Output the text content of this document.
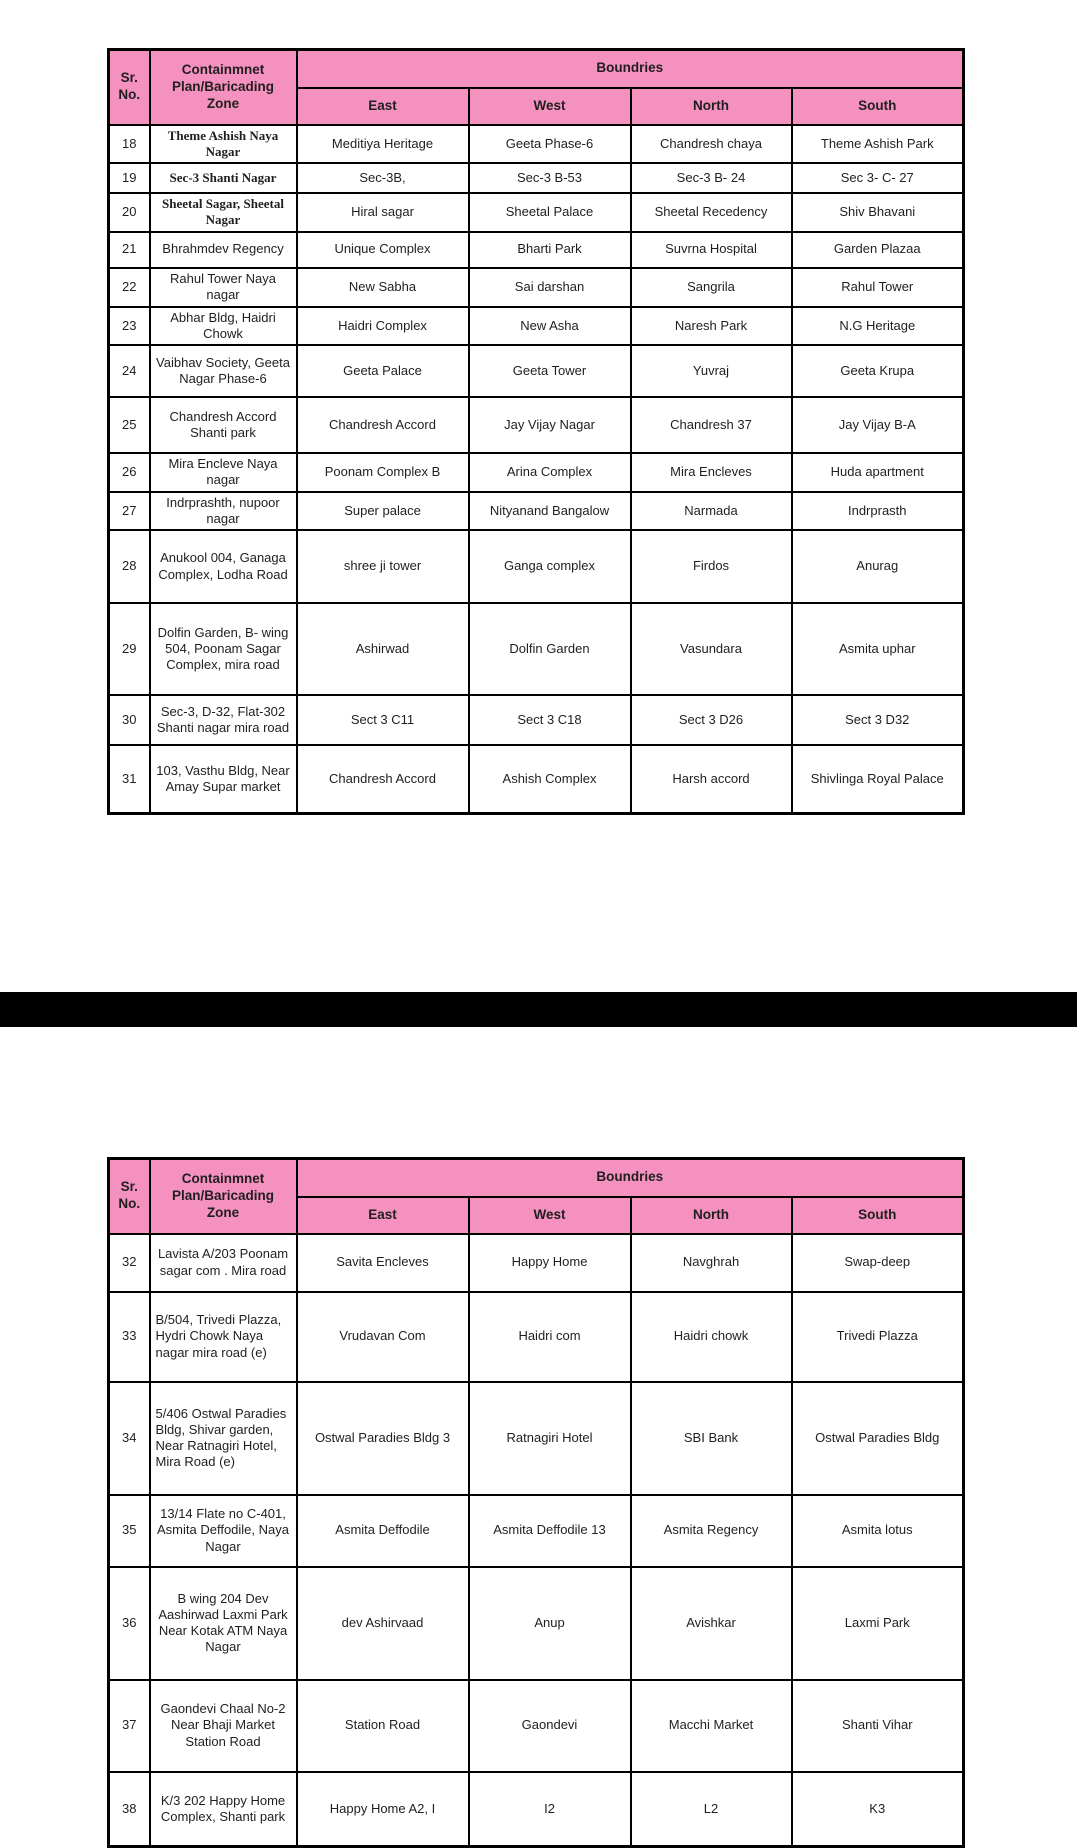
Sr. No.	Containmnet Plan/Baricading Zone	Boundries			
		East	West	North	South
18	Theme Ashish Naya Nagar	Meditiya Heritage	Geeta Phase-6	Chandresh chaya	Theme Ashish Park
19	Sec-3 Shanti Nagar	Sec-3B,	Sec-3 B-53	Sec-3 B- 24	Sec 3- C- 27
20	Sheetal Sagar, Sheetal Nagar	Hiral sagar	Sheetal Palace	Sheetal Recedency	Shiv Bhavani
21	Bhrahmdev Regency	Unique Complex	Bharti Park	Suvrna Hospital	Garden Plazaa
22	Rahul Tower Naya nagar	New Sabha	Sai darshan	Sangrila	Rahul Tower
23	Abhar Bldg, Haidri Chowk	Haidri Complex	New Asha	Naresh Park	N.G Heritage
24	Vaibhav Society, Geeta Nagar Phase-6	Geeta Palace	Geeta Tower	Yuvraj	Geeta Krupa
25	Chandresh Accord Shanti park	Chandresh Accord	Jay Vijay Nagar	Chandresh 37	Jay Vijay B-A
26	Mira Encleve Naya nagar	Poonam Complex B	Arina Complex	Mira Encleves	Huda apartment
27	Indrprashth, nupoor nagar	Super palace	Nityanand Bangalow	Narmada	Indrprasth
28	Anukool 004, Ganaga Complex, Lodha Road	shree ji tower	Ganga complex	Firdos	Anurag
29	Dolfin Garden, B- wing 504, Poonam Sagar Complex, mira road	Ashirwad	Dolfin Garden	Vasundara	Asmita uphar
30	Sec-3, D-32, Flat-302 Shanti nagar mira road	Sect 3 C11	Sect 3 C18	Sect 3 D26	Sect 3 D32
31	103, Vasthu Bldg, Near Amay Supar market	Chandresh Accord	Ashish Complex	Harsh accord	Shivlinga Royal Palace
Sr. No.	Containmnet Plan/Baricading Zone	Boundries			
		East	West	North	South
32	Lavista A/203 Poonam sagar com . Mira road	Savita Encleves	Happy Home	Navghrah	Swap-deep
33	B/504, Trivedi Plazza, Hydri Chowk Naya nagar mira road (e)	Vrudavan Com	Haidri com	Haidri chowk	Trivedi Plazza
34	5/406 Ostwal Paradies Bldg, Shivar garden, Near Ratnagiri Hotel, Mira Road (e)	Ostwal Paradies Bldg 3	Ratnagiri Hotel	SBI Bank	Ostwal Paradies Bldg
35	13/14 Flate no C-401, Asmita Deffodile, Naya Nagar	Asmita Deffodile	Asmita Deffodile 13	Asmita Regency	Asmita lotus
36	B wing 204 Dev Aashirwad Laxmi Park Near Kotak ATM Naya Nagar	dev Ashirvaad	Anup	Avishkar	Laxmi Park
37	Gaondevi Chaal No-2 Near Bhaji Market Station Road	Station Road	Gaondevi	Macchi Market	Shanti Vihar
38	K/3 202 Happy Home Complex, Shanti park	Happy Home A2, I	I2	L2	K3
